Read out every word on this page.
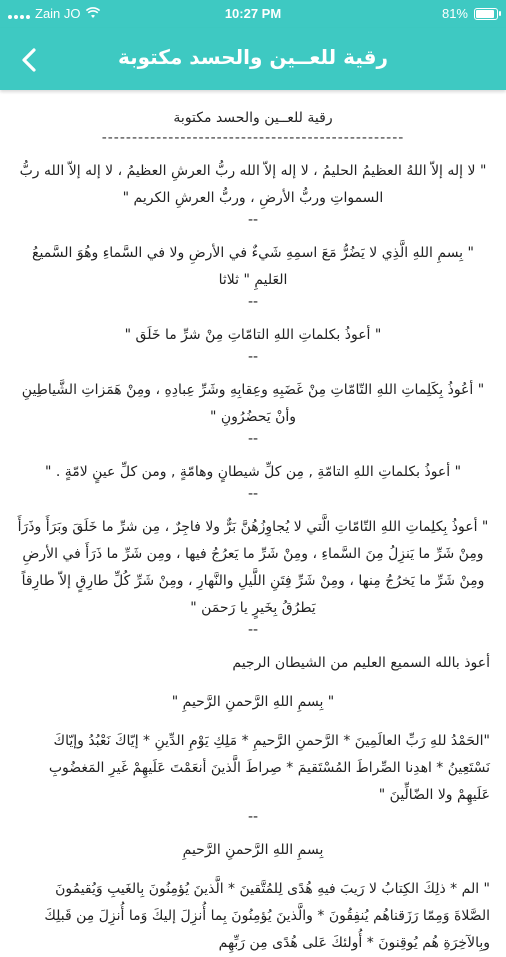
Zain JO	10:27 PM	81%
رقية للعــين والحسد مكتوبة
رقية للعــين والحسد مكتوبة
--------------------------------------------------

" لا إله إلاّ اللهُ العظيمُ الحليمُ ، لا إله إلاّ الله ربُّ العرشِ العظيمُ ، لا إله إلاّ الله ربُّ السمواتِ وربُّ الأرضِ ، وربُّ العرشِ الكريم "

--

" بِسمِ اللهِ الَّذِي لا يَضُرُّ مَعَ اسمِهِ شَيءٌ في الأرضِ ولا في السَّماءِ وهُوَ السَّميعُ العَليمِ " ثلاثا

--

" أعوذُ بكلماتِ اللهِ التامّاتِ مِنْ شرِّ ما خَلَق "

--

" أعُوذُ بِكَلِماتِ اللهِ التّامّاتِ مِنْ غَضَبِهِ وعِقابِهِ وشَرِّ عِبادِهِ ، ومِنْ هَمَزاتِ الشَّياطِينِ وأنْ يَحضُرُونِ "

--

" أعوذُ بكلماتِ اللهِ التامّةِ , مِن كلِّ شيطانٍ وهامّةٍ , ومن كلِّ عينٍ لامّةٍ . "

--

" أعوذُ بِكلِماتِ اللهِ التّامّاتِ الَّتي لا يُجاوِزُهُنَّ بَرٌّ ولا فاجِرٌ ، مِن شرِّ ما خَلَقَ وبَرَأَ وذَرَأَ ومِنْ شَرِّ ما يَنزِلُ مِنَ السَّماءِ ، ومِنْ شَرِّ ما يَعرُجُ فيها ، ومِن شَرِّ ما ذَرَأَ في الأرضِ ومِنْ شَرِّ ما يَخرُجُ مِنها ، ومِنْ شَرِّ فِتَنِ اللَّيلِ والنَّهارِ ، ومِنْ شَرِّ كُلِّ طارِقٍ إلاّ طارِقاً يَطرُقُ بِخَيرٍ يا رَحمَن "

--

أعوذ بالله السميع العليم من الشيطان الرجيم

" بِسمِ اللهِ الرَّحمنِ الرَّحيمِ "

"الحَمْدُ للهِ رَبِّ العالَمِينَ * الرَّحمنِ الرَّحيمِ * مَلِكِ يَوْمِ الدِّينِ * إيّاكَ نَعْبُدُ وإيّاكَ نَسْتَعِينُ * اهدِنا الصِّراطَ المُسْتَقيمَ * صِراطَ الَّذينَ أنعَمْتَ عَلَيهِمْ غَيرِ المَغضُوبِ عَلَيهِمْ ولا الضّالِّينَ "

--

بِسمِ اللهِ الرَّحمنِ الرَّحيمِ

" الم * ذلِكَ الكِتابُ لا رَيبَ فيهِ هُدًى لِلمُتَّقينَ * الَّذينَ يُؤمِنُونَ بِالغَيبِ وَيُقيمُونَ الصَّلاةَ وَمِمّا رَزَقناهُم يُنفِقُونَ * والَّذينَ يُؤمِنُونَ بِما أُنزِلَ إليكَ وَما أُنزِلَ مِن قَبلِكَ وبِالآخِرَةِ هُم يُوقِنونَ * أُولئكَ عَلى هُدًى مِن رَبِّهِم
